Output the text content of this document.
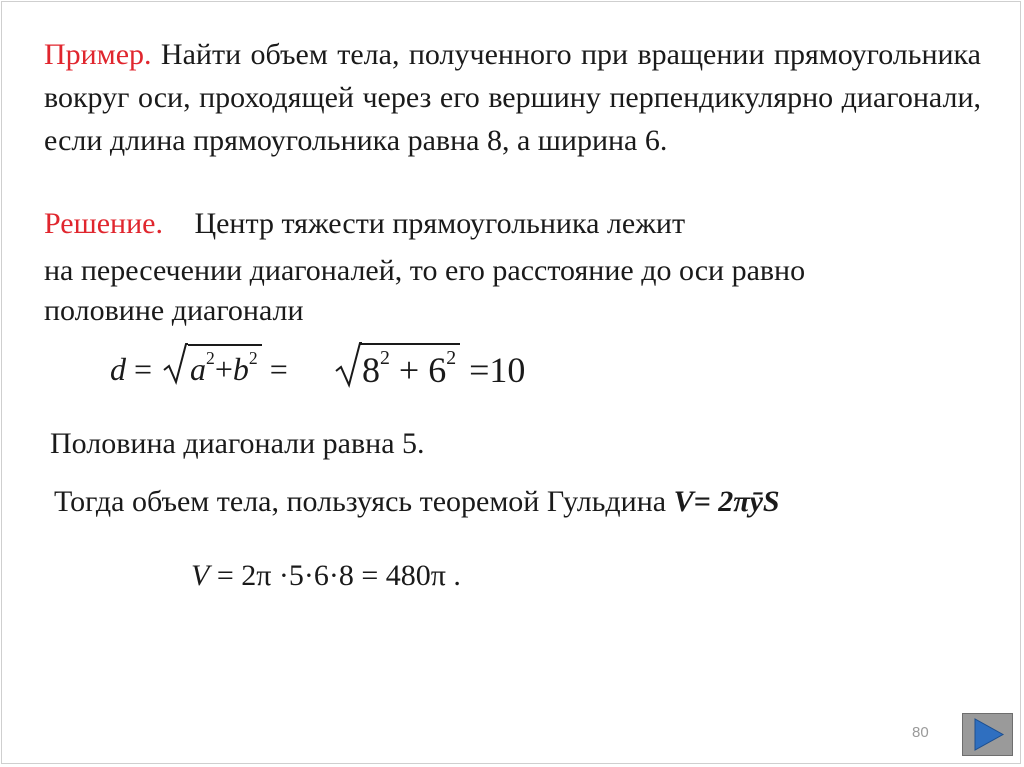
Пример. Найти объем тела, полученного при вращении прямоугольника вокруг оси, проходящей через его вершину перпендикулярно диагонали, если длина прямоугольника равна 8, а ширина 6.
Решение. Центр тяжести прямоугольника лежит
на пересечении диагоналей, то его расстояние до оси равно
половине диагонали
$d = a^2+b^2$ =	$8^2 + 6^2 =10$
Половина диагонали равна 5.
Тогда объем тела, пользуясь теоремой Гульдина V= 2πȳS
V = 2π ·5·6·8 = 480π .
80
